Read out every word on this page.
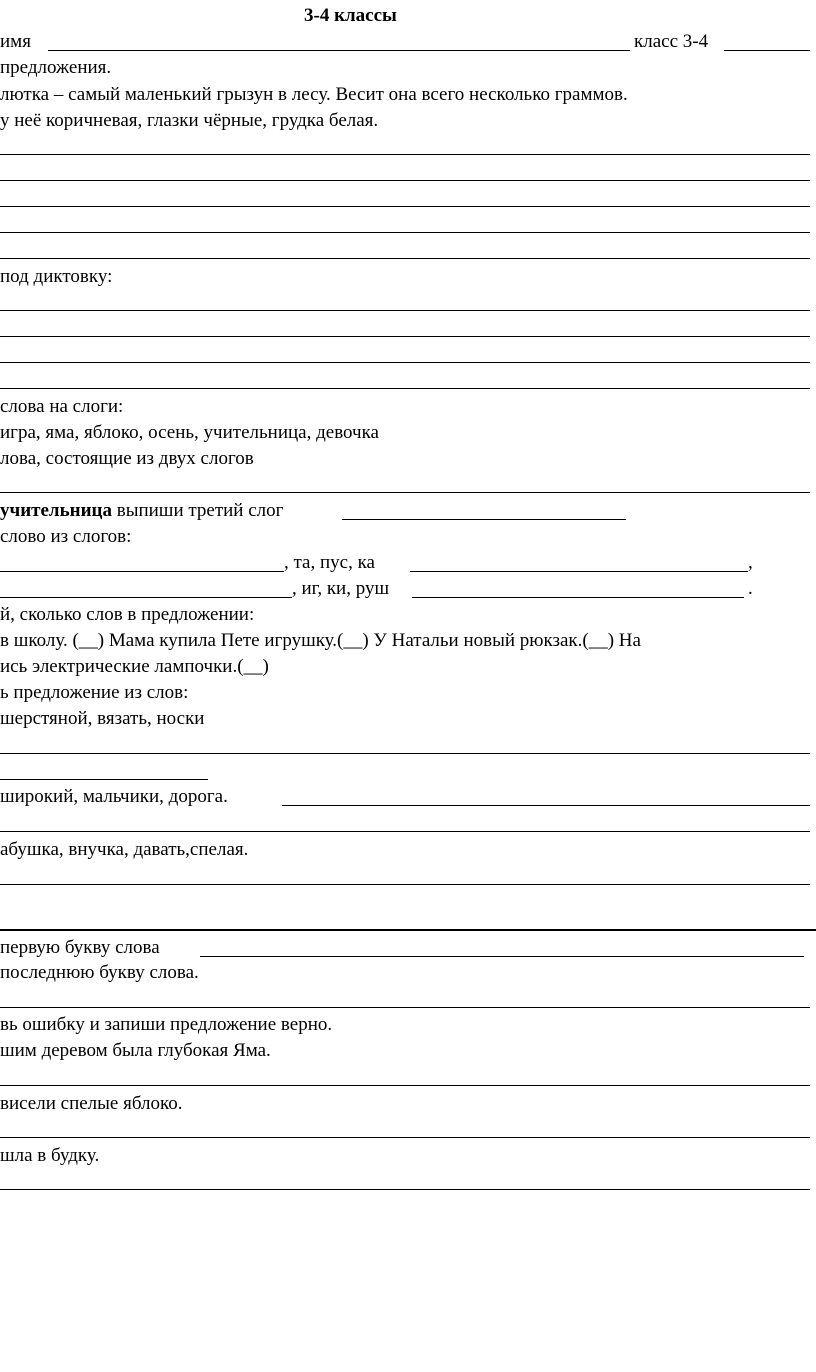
3-4 классы
имя	класс 3-4
предложения.
лютка – самый маленький грызун в лесу. Весит она всего несколько граммов.
у неё коричневая, глазки чёрные, грудка белая.
под диктовку:
слова на слоги:
игра, яма, яблоко, осень, учительница, девочка
лова, состоящие из двух слогов
учительница выпиши третий слог
слово из слогов:
, та, пус, ка	,
, иг, ки, руш	.
й, сколько слов в предложении:
в школу. (__) Мама купила Пете игрушку.(__) У Натальи новый рюкзак.(__) На
ись электрические лампочки.(__)
ь предложение из слов:
шерстяной, вязать, носки
широкий, мальчики, дорога.
абушка, внучка, давать,спелая.
первую букву слова
последнюю букву слова.
вь ошибку и запиши предложение верно.
шим деревом была глубокая Яма.
висели спелые яблоко.
шла в будку.
